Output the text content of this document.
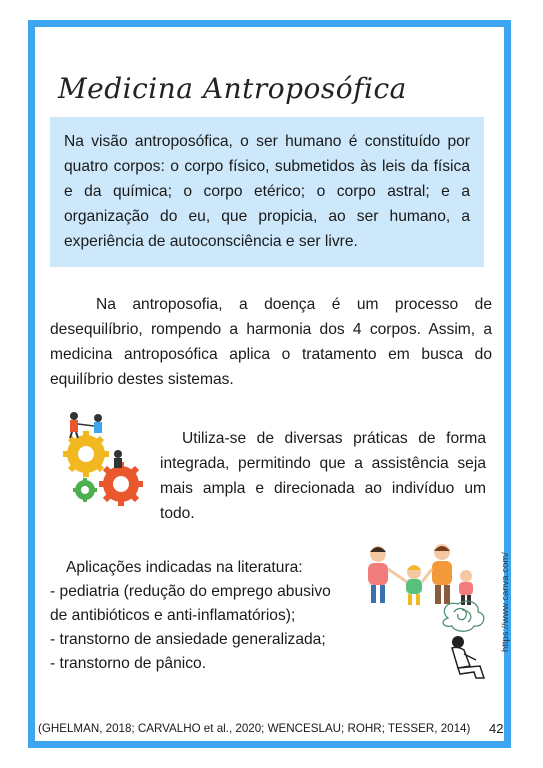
Medicina Antroposófica

Na visão antroposófica, o ser humano é constituído por quatro corpos: o corpo físico, submetidos às leis da física e da química; o corpo etérico; o corpo astral; e a organização do eu, que propicia, ao ser humano, a experiência de autoconsciência e ser livre.

Na antroposofia, a doença é um processo de desequilíbrio, rompendo a harmonia dos 4 corpos. Assim, a medicina antroposófica aplica o tratamento em busca do equilíbrio destes sistemas.

Utiliza-se de diversas práticas de forma integrada, permitindo que a assistência seja mais ampla e direcionada ao indivíduo um todo.

Aplicações indicadas na literatura:
- pediatria (redução do emprego abusivo
de antibióticos e anti-inflamatórios);
- transtorno de ansiedade generalizada;
- transtorno de pânico.
https://www.canva.com/
(GHELMAN, 2018; CARVALHO et al., 2020; WENCESLAU; ROHR; TESSER, 2014) 42
